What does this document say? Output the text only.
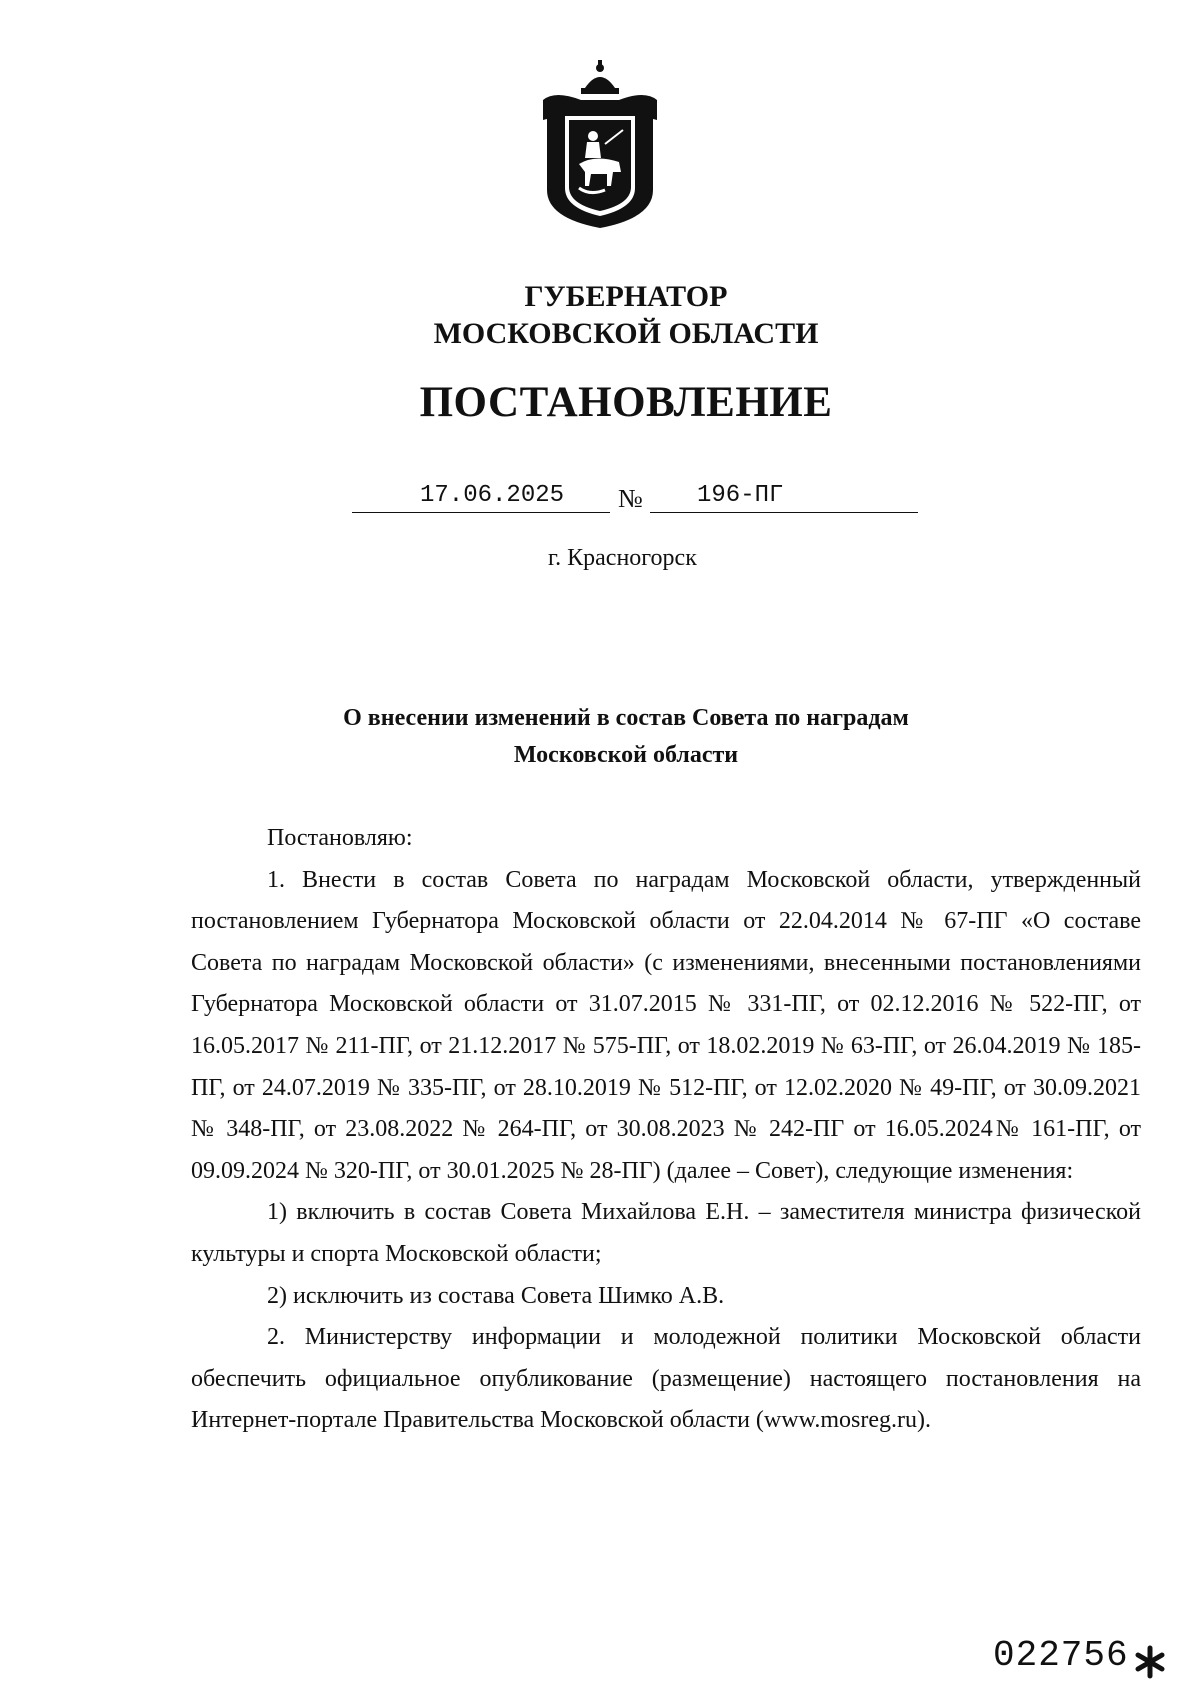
ГУБЕРНАТОР
МОСКОВСКОЙ ОБЛАСТИ
ПОСТАНОВЛЕНИЕ
17.06.2025 № 196-ПГ
г. Красногорск
О внесении изменений в состав Совета по наградам
Московской области

Постановляю:

1. Внести в состав Совета по наградам Московской области, утвержденный постановлением Губернатора Московской области от 22.04.2014 № 67-ПГ «О составе Совета по наградам Московской области» (с изменениями, внесенными постановлениями Губернатора Московской области от 31.07.2015 № 331-ПГ, от 02.12.2016 № 522-ПГ, от 16.05.2017 № 211-ПГ, от 21.12.2017 № 575-ПГ, от 18.02.2019 № 63-ПГ, от 26.04.2019 № 185-ПГ, от 24.07.2019 № 335-ПГ, от 28.10.2019 № 512-ПГ, от 12.02.2020 № 49-ПГ, от 30.09.2021 № 348-ПГ, от 23.08.2022 № 264-ПГ, от 30.08.2023 № 242-ПГ от 16.05.2024№ 161-ПГ, от 09.09.2024 № 320-ПГ, от 30.01.2025 № 28-ПГ) (далее – Совет), следующие изменения:

1) включить в состав Совета Михайлова Е.Н. – заместителя министра физической культуры и спорта Московской области;

2) исключить из состава Совета Шимко А.В.

2. Министерству информации и молодежной политики Московской области обеспечить официальное опубликование (размещение) настоящего постановления на Интернет-портале Правительства Московской области (www.mosreg.ru).

022756
